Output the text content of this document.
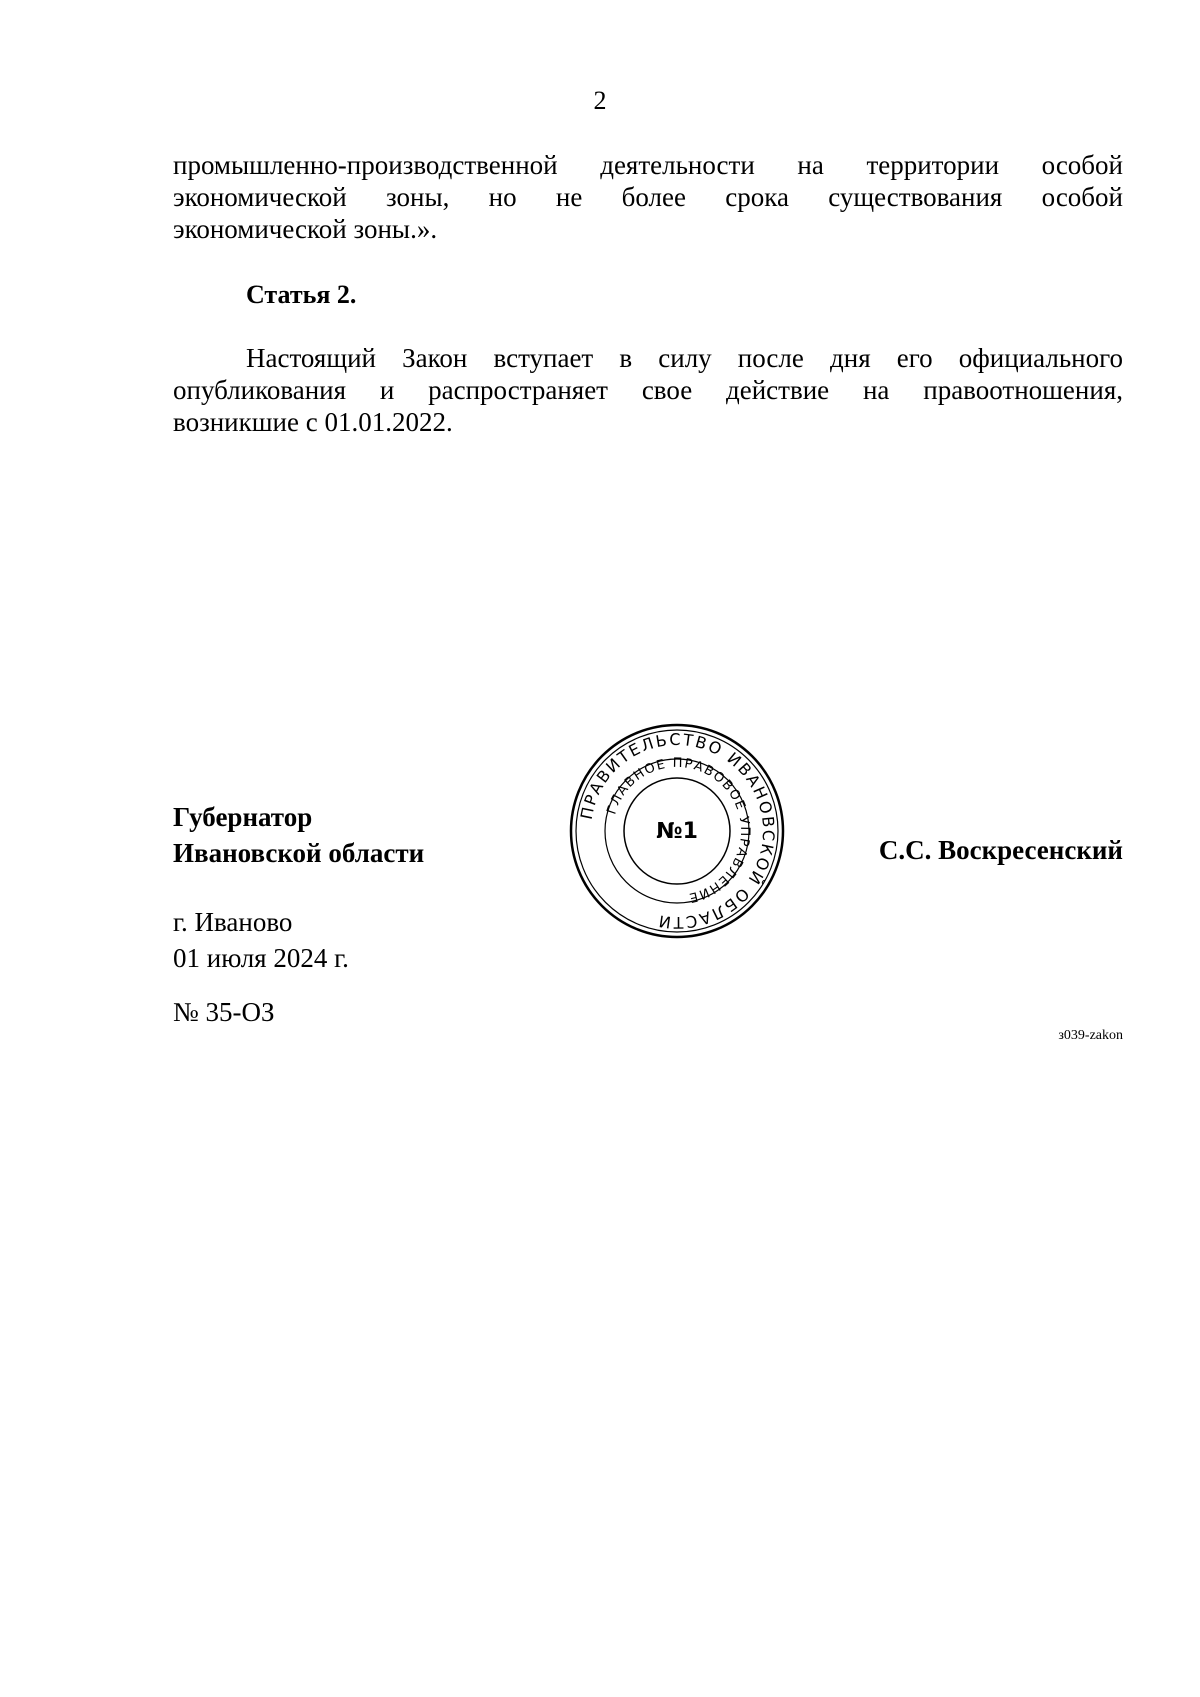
2
промышленно-производственной деятельности на территории особой
экономической зоны, но не более срока существования особой
экономической зоны.».
Статья 2.
Настоящий Закон вступает в силу после дня его официального
опубликования и распространяет свое действие на правоотношения,
возникшие с 01.01.2022.
Губернатор
Ивановской области
ПРАВИТЕЛЬСТВО ИВАНОВСКОЙ ОБЛАСТИ
ГЛАВНОЕ ПРАВОВОЕ УПРАВЛЕНИЕ
№1
С.С. Воскресенский
г. Иваново
01 июля 2024 г.
№ 35-ОЗ
з039-zakon
